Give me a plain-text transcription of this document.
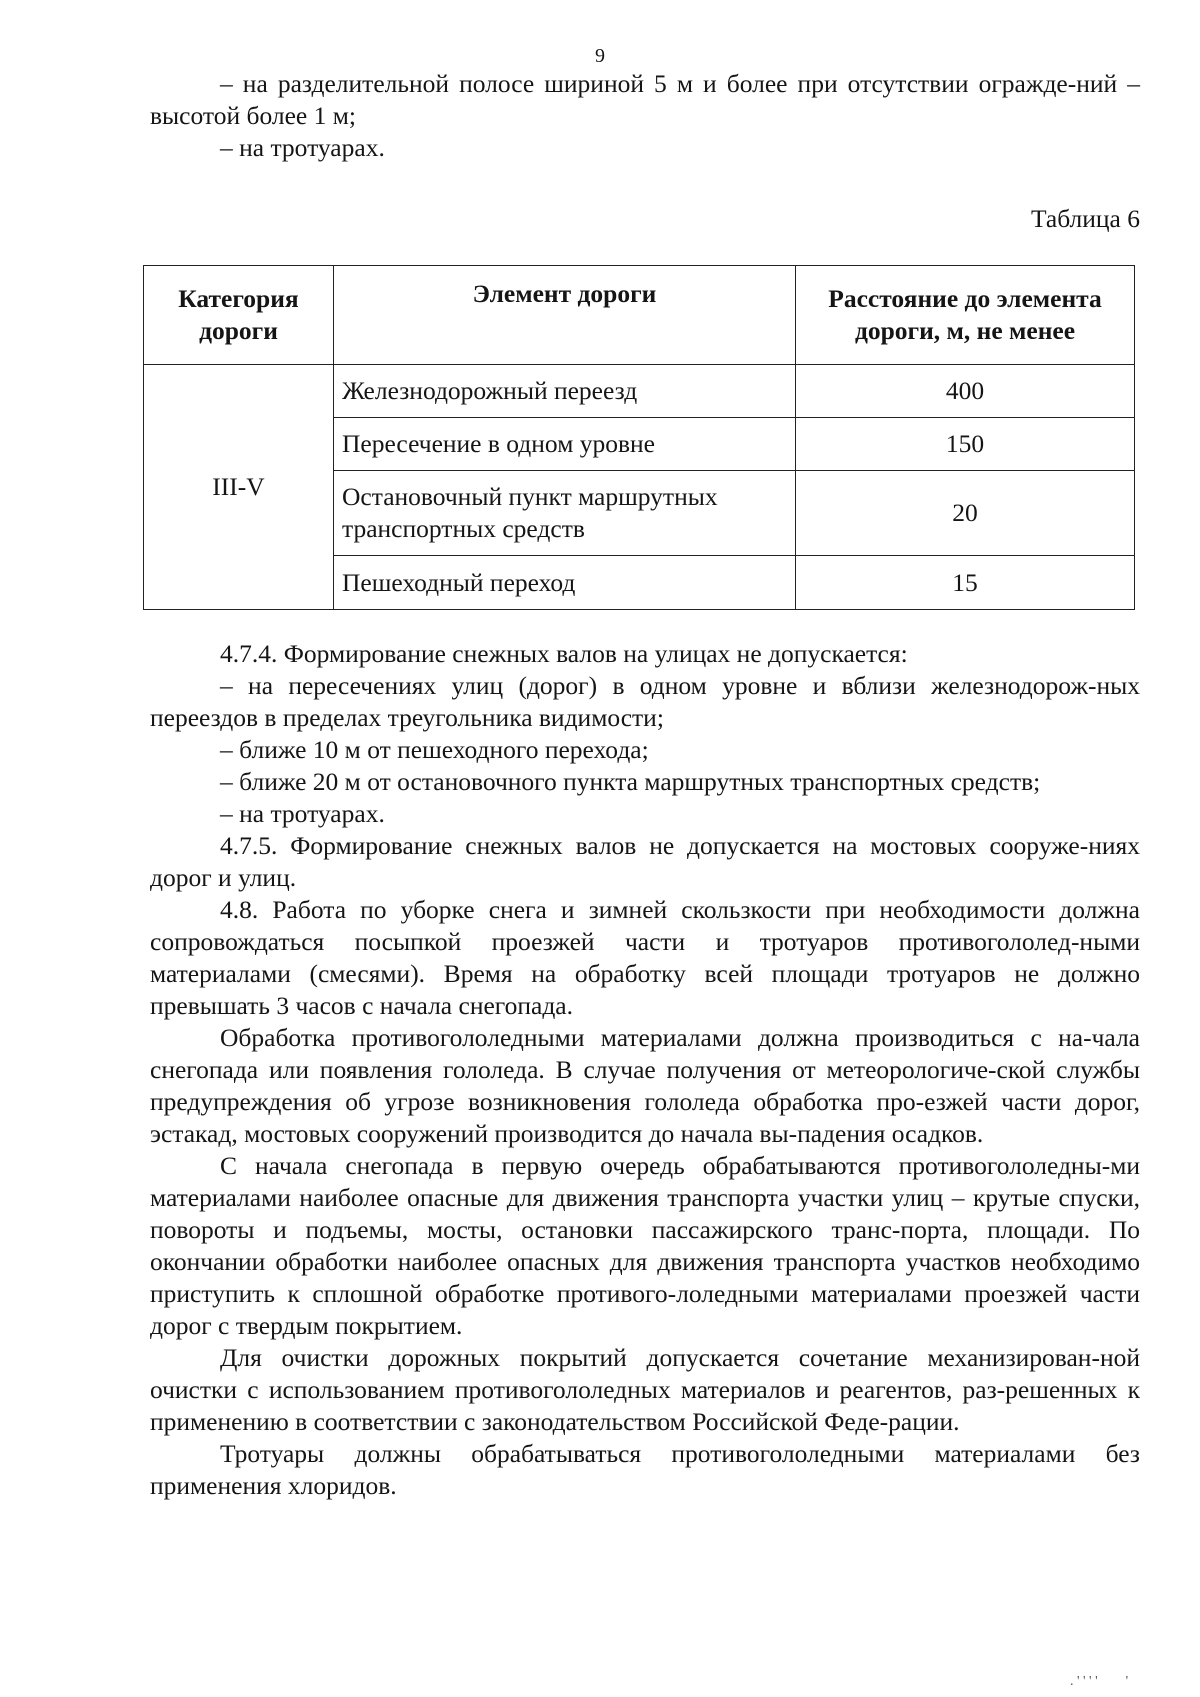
9

– на разделительной полосе шириной 5 м и более при отсутствии огражде-ний – высотой более 1 м;

– на тротуарах.

Таблица 6
Категория дороги	Элемент дороги	Расстояние до элемента дороги, м, не менее
III-V	Железнодорожный переезд	400
	Пересечение в одном уровне	150
	Остановочный пункт маршрутных транспортных средств	20
	Пешеходный переход	15

4.7.4. Формирование снежных валов на улицах не допускается:

– на пересечениях улиц (дорог) в одном уровне и вблизи железнодорож-ных переездов в пределах треугольника видимости;

– ближе 10 м от пешеходного перехода;

– ближе 20 м от остановочного пункта маршрутных транспортных средств;

– на тротуарах.

4.7.5. Формирование снежных валов не допускается на мостовых сооруже-ниях дорог и улиц.

4.8. Работа по уборке снега и зимней скользкости при необходимости должна сопровождаться посыпкой проезжей части и тротуаров противогололед-ными материалами (смесями). Время на обработку всей площади тротуаров не должно превышать 3 часов с начала снегопада.

Обработка противогололедными материалами должна производиться с на-чала снегопада или появления гололеда. В случае получения от метеорологиче-ской службы предупреждения об угрозе возникновения гололеда обработка про-езжей части дорог, эстакад, мостовых сооружений производится до начала вы-падения осадков.

С начала снегопада в первую очередь обрабатываются противогололедны-ми материалами наиболее опасные для движения транспорта участки улиц – крутые спуски, повороты и подъемы, мосты, остановки пассажирского транс-порта, площади. По окончании обработки наиболее опасных для движения транспорта участков необходимо приступить к сплошной обработке противого-лоледными материалами проезжей части дорог с твердым покрытием.

Для очистки дорожных покрытий допускается сочетание механизирован-ной очистки с использованием противогололедных материалов и реагентов, раз-решенных к применению в соответствии с законодательством Российской Феде-рации.

Тротуары должны обрабатываться противогололедными материалами без применения хлоридов.

. ' ' ' '        '
